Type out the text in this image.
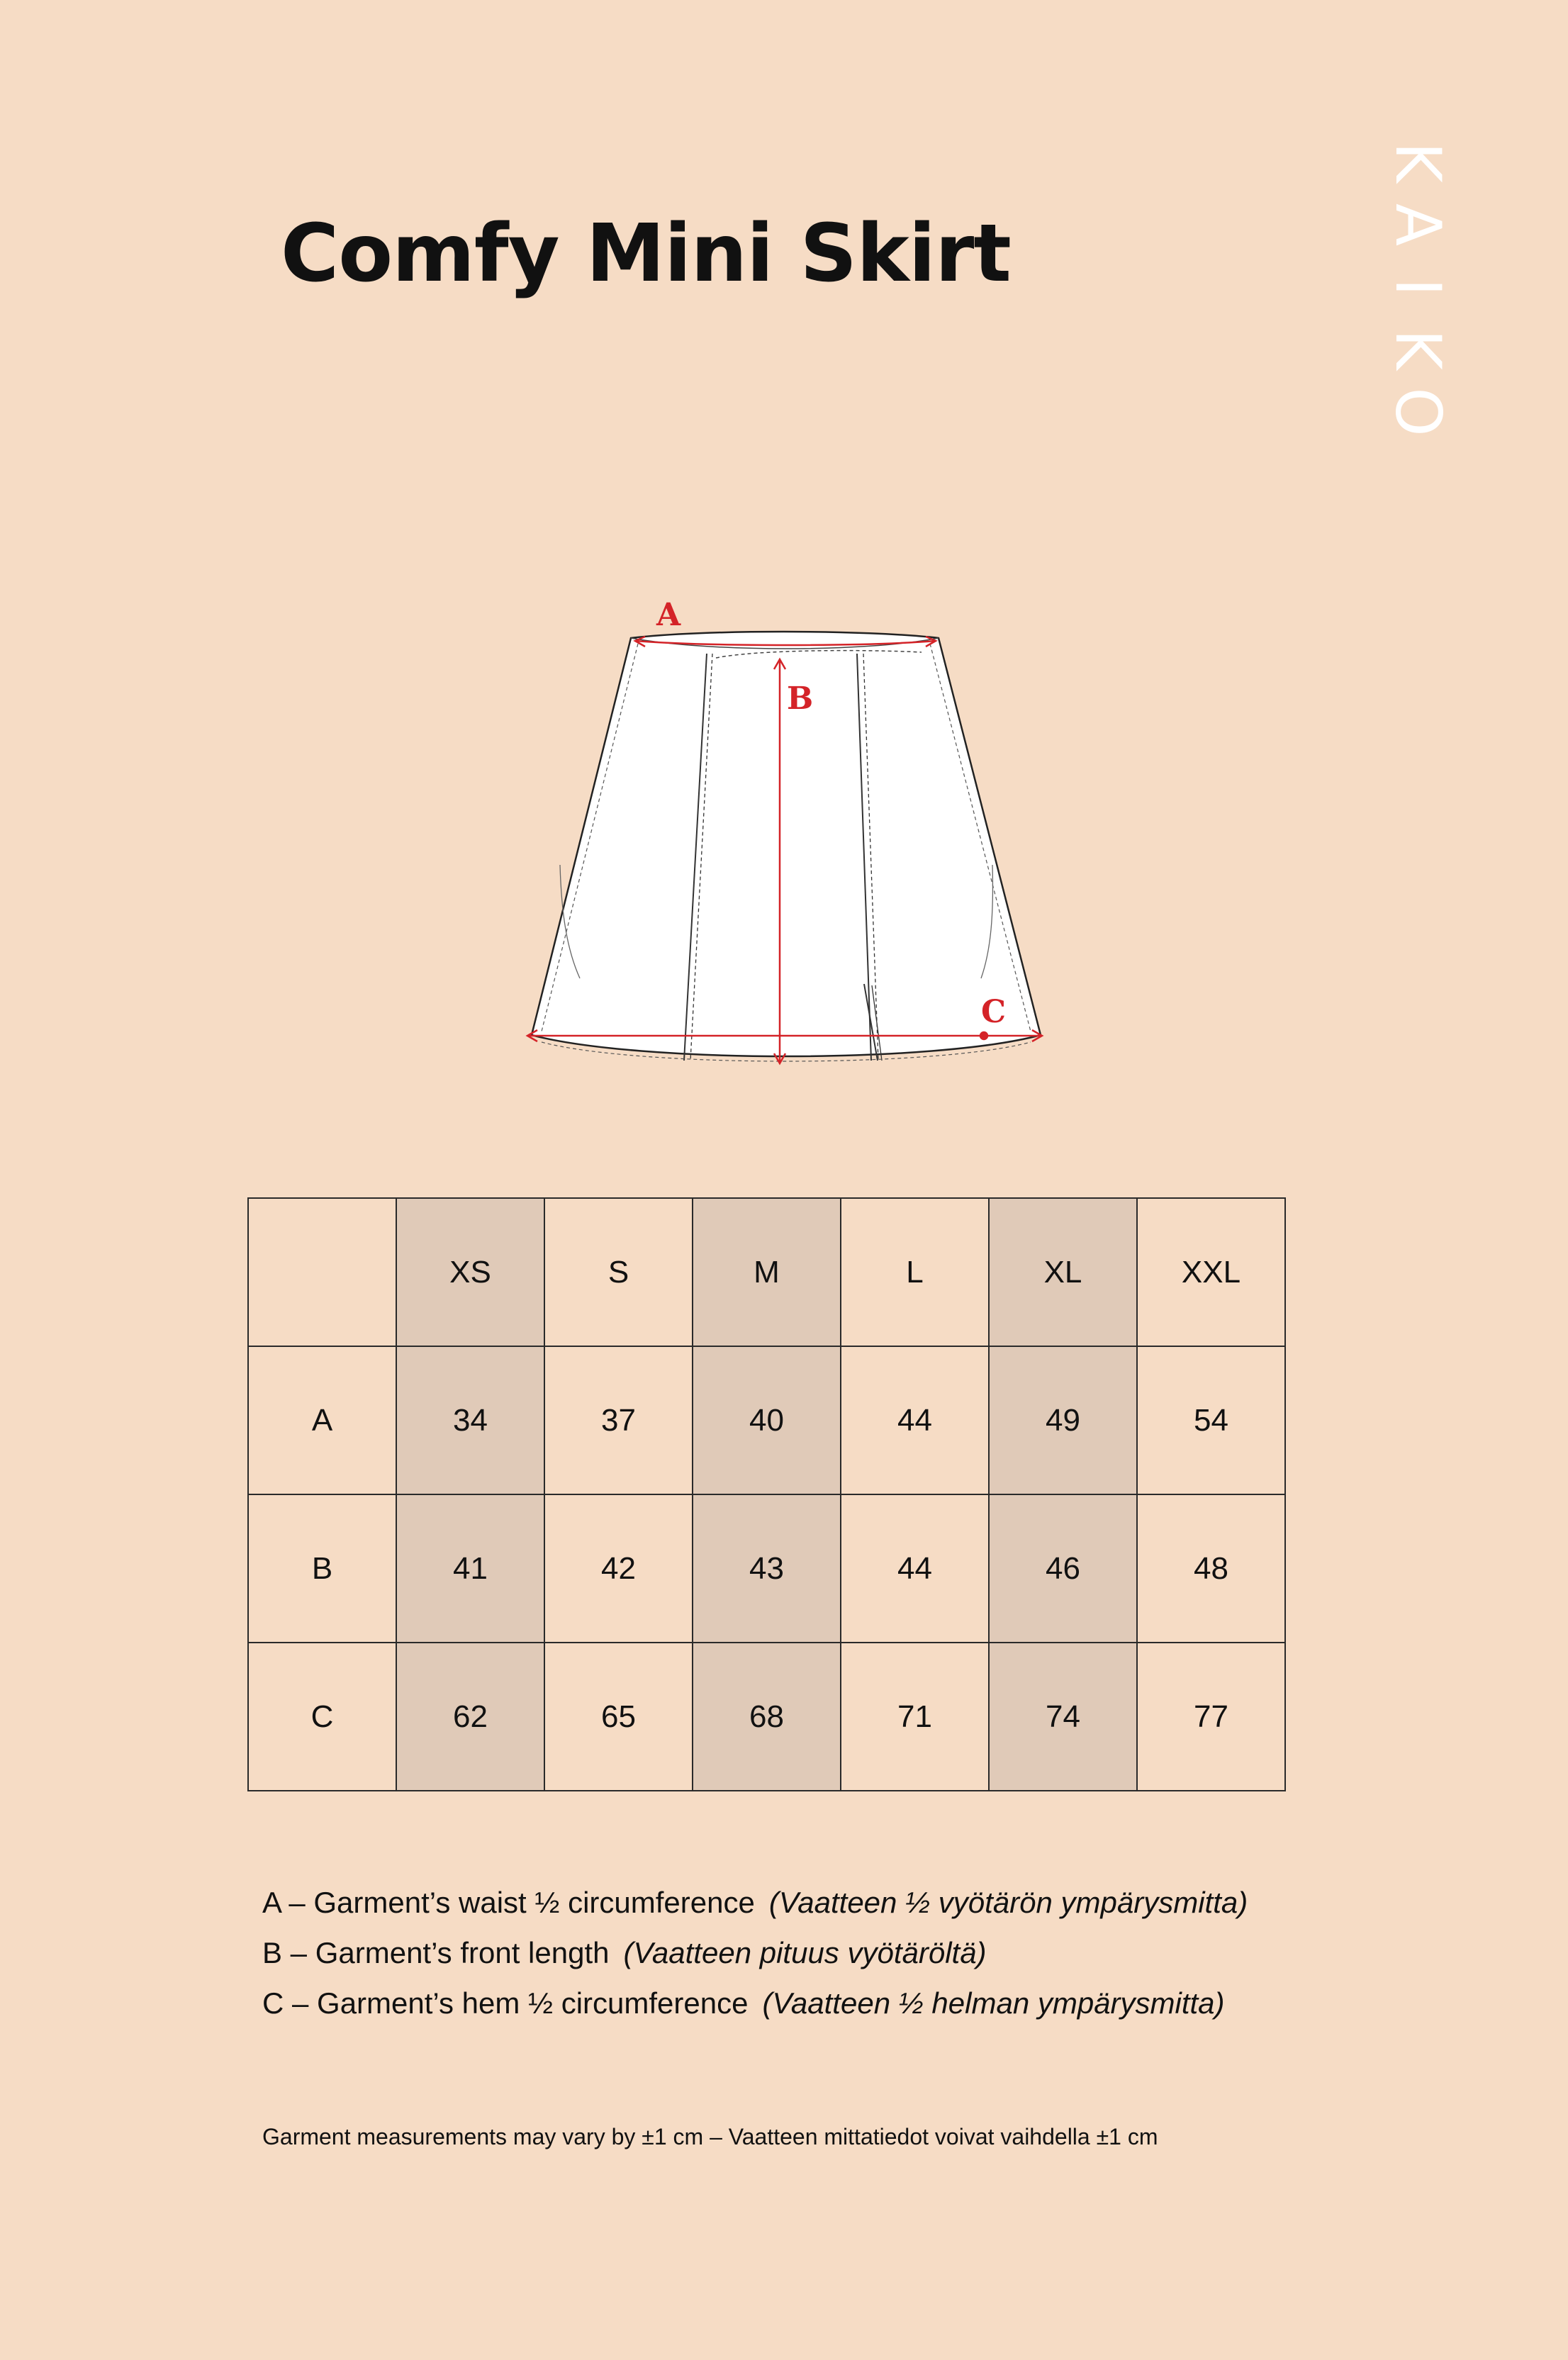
Comfy Mini Skirt
K
A
I
K
O
A
B
C
	XS	S	M	L	XL	XXL
A	34	37	40	44	49	54
B	41	42	43	44	46	48
C	62	65	68	71	74	77
A – Garment’s waist ½ circumference (Vaatteen ½ vyötärön ympärysmitta)
B – Garment’s front length (Vaatteen pituus vyötäröltä)
C – Garment’s hem ½ circumference (Vaatteen ½ helman ympärysmitta)
Garment measurements may vary by ±1 cm – Vaatteen mittatiedot voivat vaihdella ±1 cm
